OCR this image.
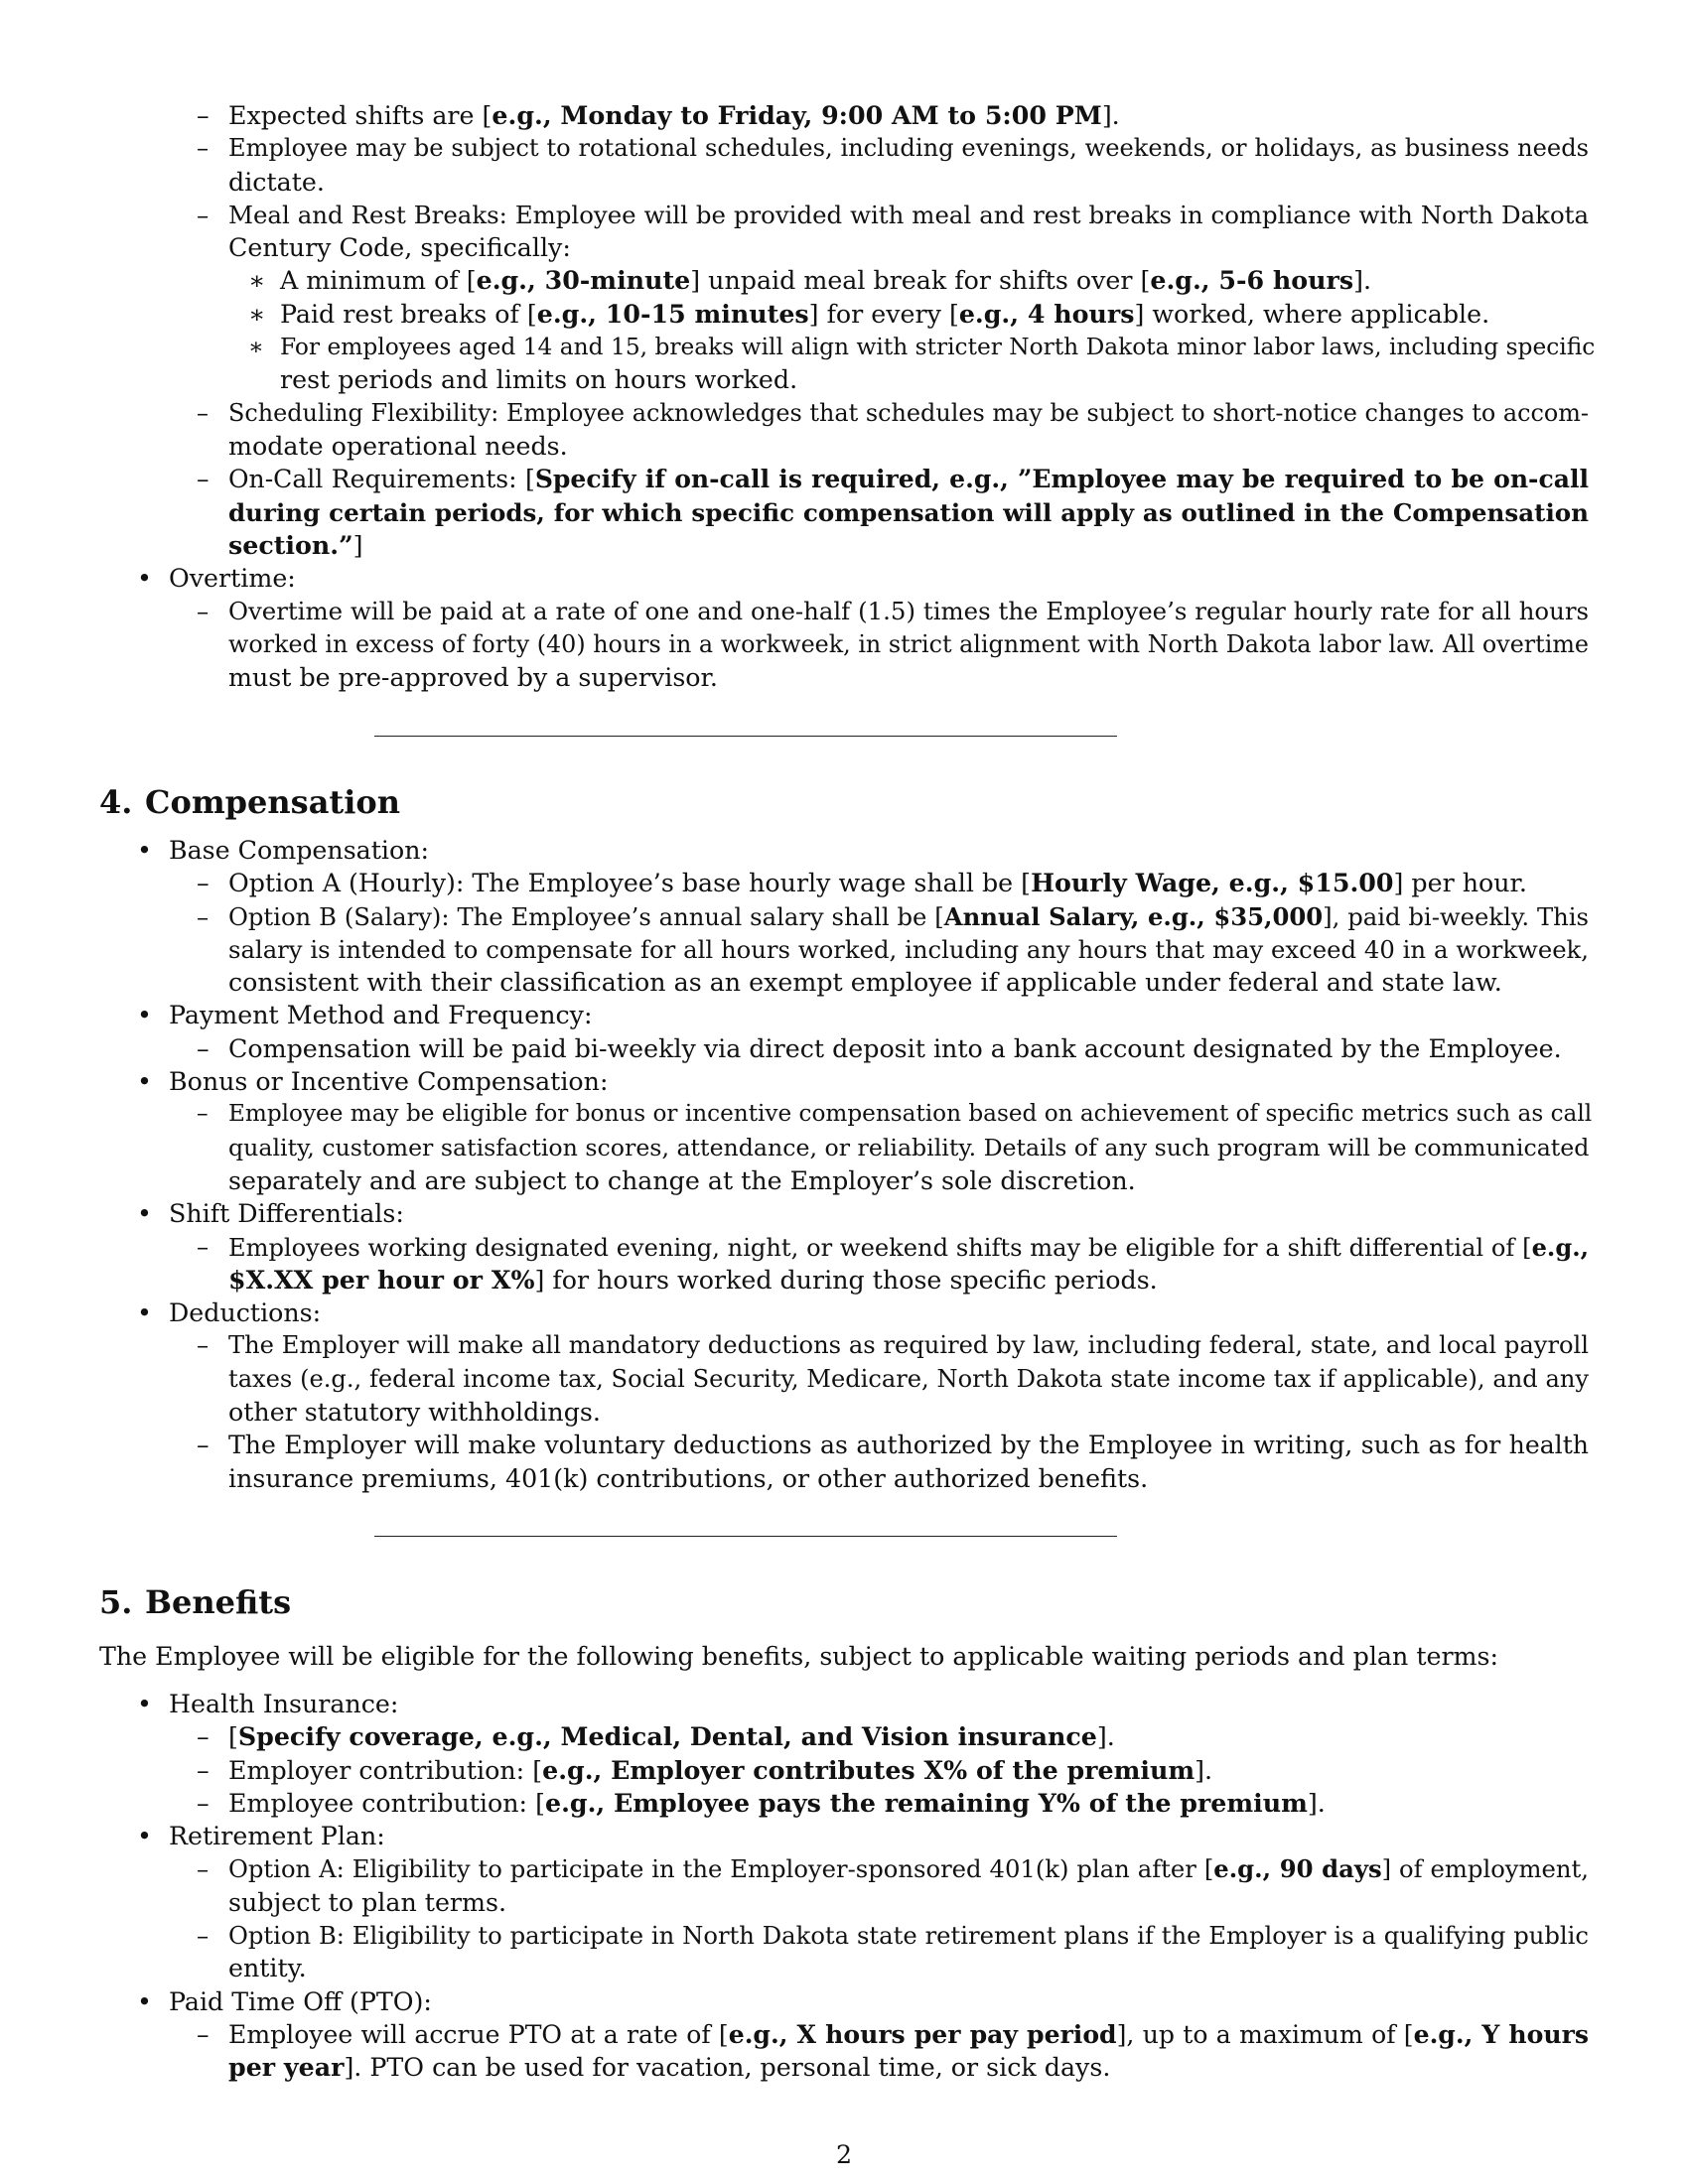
– Expected shifts are [e.g., Monday to Friday, 9:00 AM to 5:00 PM].
– Employee may be subject to rotational schedules, including evenings, weekends, or holidays, as business needs
dictate.
– Meal and Rest Breaks: Employee will be provided with meal and rest breaks in compliance with North Dakota
Century Code, specifically:
∗ A minimum of [e.g., 30-minute] unpaid meal break for shifts over [e.g., 5-6 hours].
∗ Paid rest breaks of [e.g., 10-15 minutes] for every [e.g., 4 hours] worked, where applicable.
∗ For employees aged 14 and 15, breaks will align with stricter North Dakota minor labor laws, including specific
rest periods and limits on hours worked.
– Scheduling Flexibility: Employee acknowledges that schedules may be subject to short-notice changes to accom-
modate operational needs.
– On-Call Requirements: [Specify if on-call is required, e.g., ”Employee may be required to be on-call
during certain periods, for which specific compensation will apply as outlined in the Compensation
section.”]
• Overtime:
– Overtime will be paid at a rate of one and one-half (1.5) times the Employee’s regular hourly rate for all hours
worked in excess of forty (40) hours in a workweek, in strict alignment with North Dakota labor law. All overtime
must be pre-approved by a supervisor.
4. Compensation
• Base Compensation:
– Option A (Hourly): The Employee’s base hourly wage shall be [Hourly Wage, e.g., $15.00] per hour.
– Option B (Salary): The Employee’s annual salary shall be [Annual Salary, e.g., $35,000], paid bi-weekly. This
salary is intended to compensate for all hours worked, including any hours that may exceed 40 in a workweek,
consistent with their classification as an exempt employee if applicable under federal and state law.
• Payment Method and Frequency:
– Compensation will be paid bi-weekly via direct deposit into a bank account designated by the Employee.
• Bonus or Incentive Compensation:
– Employee may be eligible for bonus or incentive compensation based on achievement of specific metrics such as call
quality, customer satisfaction scores, attendance, or reliability. Details of any such program will be communicated
separately and are subject to change at the Employer’s sole discretion.
• Shift Differentials:
– Employees working designated evening, night, or weekend shifts may be eligible for a shift differential of [e.g.,
$X.XX per hour or X%] for hours worked during those specific periods.
• Deductions:
– The Employer will make all mandatory deductions as required by law, including federal, state, and local payroll
taxes (e.g., federal income tax, Social Security, Medicare, North Dakota state income tax if applicable), and any
other statutory withholdings.
– The Employer will make voluntary deductions as authorized by the Employee in writing, such as for health
insurance premiums, 401(k) contributions, or other authorized benefits.
5. Benefits
The Employee will be eligible for the following benefits, subject to applicable waiting periods and plan terms:
• Health Insurance:
– [Specify coverage, e.g., Medical, Dental, and Vision insurance].
– Employer contribution: [e.g., Employer contributes X% of the premium].
– Employee contribution: [e.g., Employee pays the remaining Y% of the premium].
• Retirement Plan:
– Option A: Eligibility to participate in the Employer-sponsored 401(k) plan after [e.g., 90 days] of employment,
subject to plan terms.
– Option B: Eligibility to participate in North Dakota state retirement plans if the Employer is a qualifying public
entity.
• Paid Time Off (PTO):
– Employee will accrue PTO at a rate of [e.g., X hours per pay period], up to a maximum of [e.g., Y hours
per year]. PTO can be used for vacation, personal time, or sick days.
2
